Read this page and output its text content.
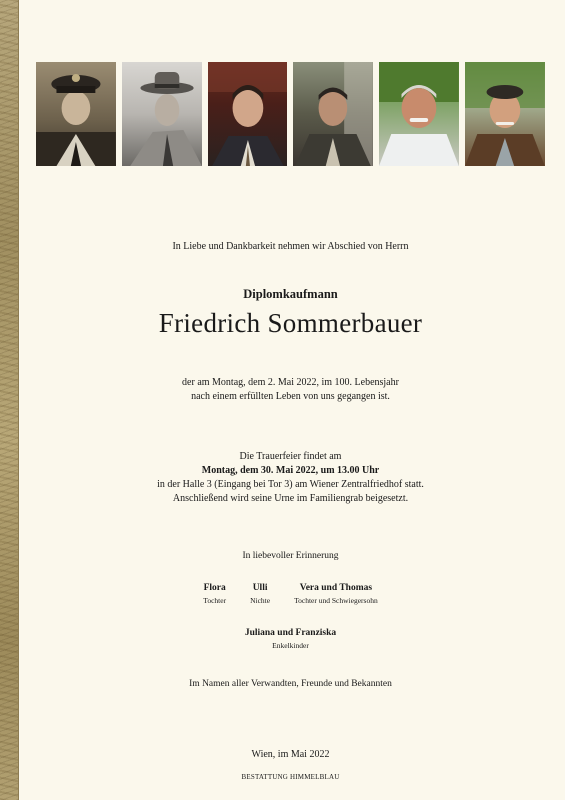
In Liebe und Dankbarkeit nehmen wir Abschied von Herrn
Diplomkaufmann
Friedrich Sommerbauer
der am Montag, dem 2. Mai 2022, im 100. Lebensjahr
nach einem erfüllten Leben von uns gegangen ist.
Die Trauerfeier findet am
Montag, dem 30. Mai 2022, um 13.00 Uhr
in der Halle 3 (Eingang bei Tor 3) am Wiener Zentralfriedhof statt.
Anschließend wird seine Urne im Familiengrab beigesetzt.
In liebevoller Erinnerung
Flora
Tochter
Ulli
Nichte
Vera und Thomas
Tochter und Schwiegersohn
Juliana und Franziska
Enkelkinder
Im Namen aller Verwandten, Freunde und Bekannten
Wien, im Mai 2022
BESTATTUNG HIMMELBLAU
